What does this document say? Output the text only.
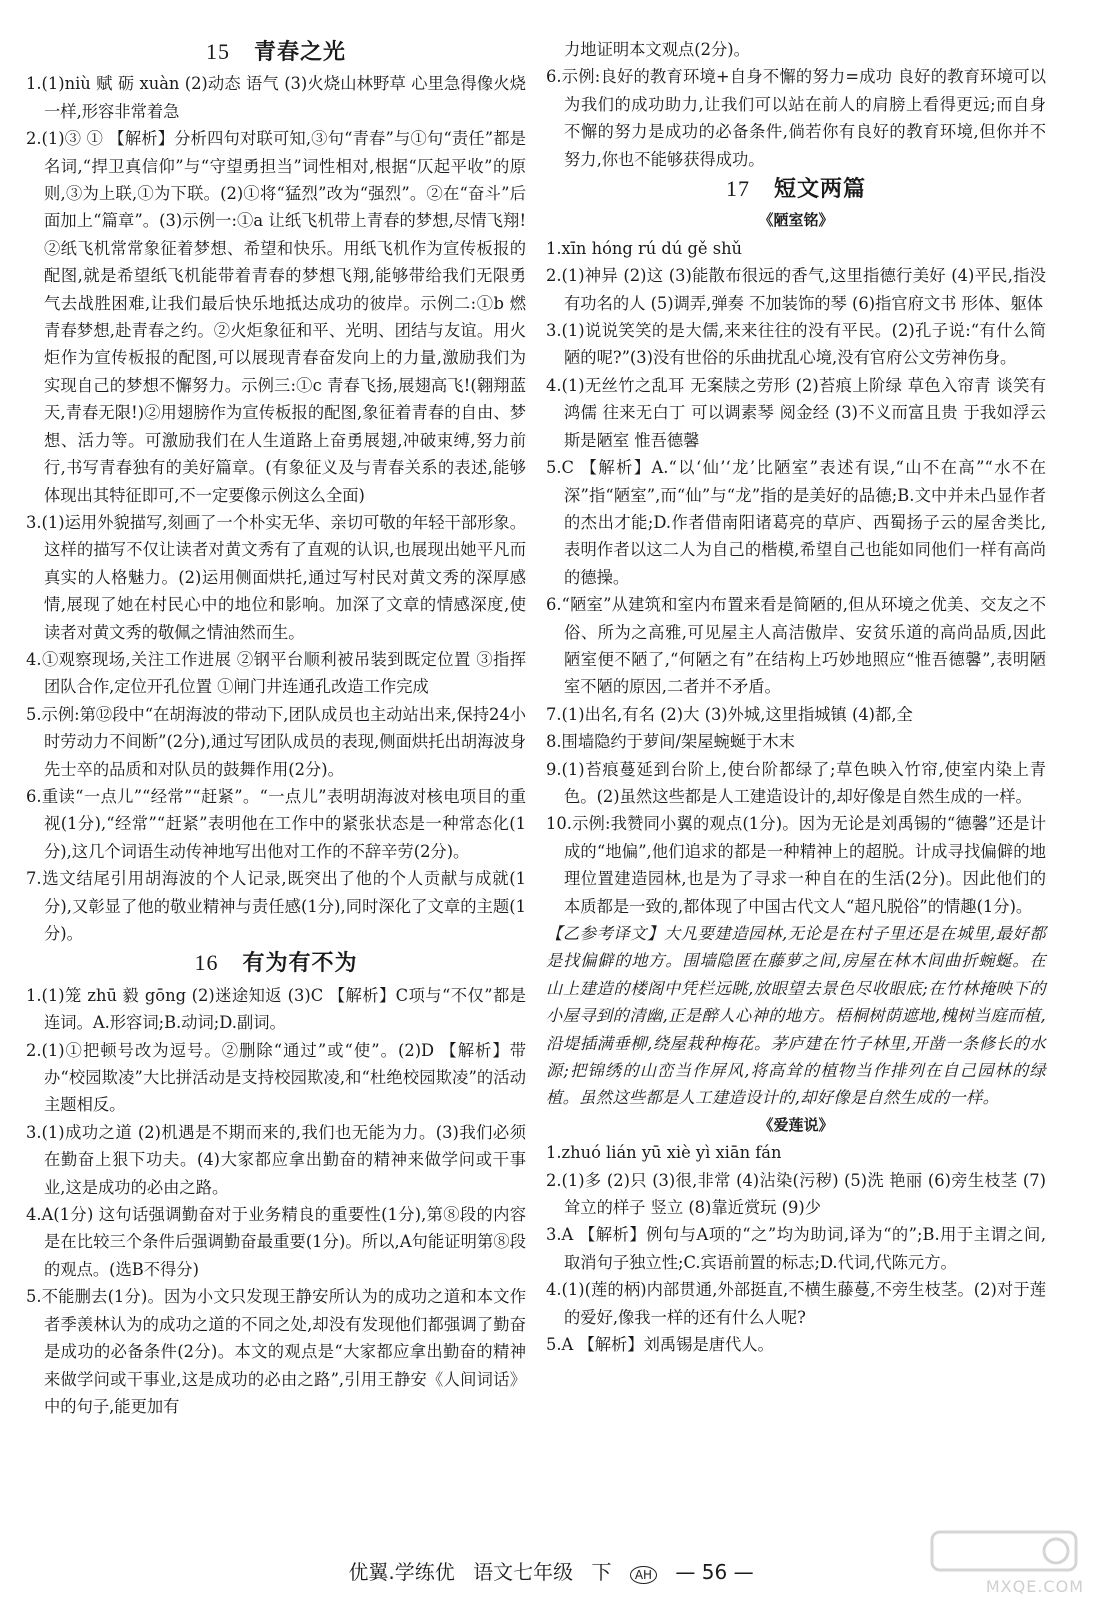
15 青春之光

1.(1)niù 赋 砺 xuàn (2)动态 语气 (3)火烧山林野草 心里急得像火烧一样,形容非常着急

2.(1)③ ① 【解析】分析四句对联可知,③句“青春”与①句“责任”都是名词,“捍卫真信仰”与“守望勇担当”词性相对,根据“仄起平收”的原则,③为上联,①为下联。(2)①将“猛烈”改为“强烈”。②在“奋斗”后面加上“篇章”。(3)示例一:①a 让纸飞机带上青春的梦想,尽情飞翔!②纸飞机常常象征着梦想、希望和快乐。用纸飞机作为宣传板报的配图,就是希望纸飞机能带着青春的梦想飞翔,能够带给我们无限勇气去战胜困难,让我们最后快乐地抵达成功的彼岸。示例二:①b 燃青春梦想,赴青春之约。②火炬象征和平、光明、团结与友谊。用火炬作为宣传板报的配图,可以展现青春奋发向上的力量,激励我们为实现自己的梦想不懈努力。示例三:①c 青春飞扬,展翅高飞!(翱翔蓝天,青春无限!)②用翅膀作为宣传板报的配图,象征着青春的自由、梦想、活力等。可激励我们在人生道路上奋勇展翅,冲破束缚,努力前行,书写青春独有的美好篇章。(有象征义及与青春关系的表述,能够体现出其特征即可,不一定要像示例这么全面)

3.(1)运用外貌描写,刻画了一个朴实无华、亲切可敬的年轻干部形象。这样的描写不仅让读者对黄文秀有了直观的认识,也展现出她平凡而真实的人格魅力。(2)运用侧面烘托,通过写村民对黄文秀的深厚感情,展现了她在村民心中的地位和影响。加深了文章的情感深度,使读者对黄文秀的敬佩之情油然而生。

4.①观察现场,关注工作进展 ②钢平台顺利被吊装到既定位置 ③指挥团队合作,定位开孔位置 ①闸门井连通孔改造工作完成

5.示例:第⑫段中“在胡海波的带动下,团队成员也主动站出来,保持24小时劳动力不间断”(2分),通过写团队成员的表现,侧面烘托出胡海波身先士卒的品质和对队员的鼓舞作用(2分)。

6.重读“一点儿”“经常”“赶紧”。“一点儿”表明胡海波对核电项目的重视(1分),“经常”“赶紧”表明他在工作中的紧张状态是一种常态化(1分),这几个词语生动传神地写出他对工作的不辞辛劳(2分)。

7.选文结尾引用胡海波的个人记录,既突出了他的个人贡献与成就(1分),又彰显了他的敬业精神与责任感(1分),同时深化了文章的主题(1分)。

16 有为有不为

1.(1)笼 zhū 毅 gōng (2)迷途知返 (3)C 【解析】C项与“不仅”都是连词。A.形容词;B.动词;D.副词。

2.(1)①把顿号改为逗号。②删除“通过”或“使”。(2)D 【解析】带办“校园欺凌”大比拼活动是支持校园欺凌,和“杜绝校园欺凌”的活动主题相反。

3.(1)成功之道 (2)机遇是不期而来的,我们也无能为力。(3)我们必须在勤奋上狠下功夫。(4)大家都应拿出勤奋的精神来做学问或干事业,这是成功的必由之路。

4.A(1分) 这句话强调勤奋对于业务精良的重要性(1分),第⑧段的内容是在比较三个条件后强调勤奋最重要(1分)。所以,A句能证明第⑧段的观点。(选B不得分)

5.不能删去(1分)。因为小文只发现王静安所认为的成功之道和本文作者季羡林认为的成功之道的不同之处,却没有发现他们都强调了勤奋是成功的必备条件(2分)。本文的观点是“大家都应拿出勤奋的精神来做学问或干事业,这是成功的必由之路”,引用王静安《人间词话》中的句子,能更加有

力地证明本文观点(2分)。

6.示例:良好的教育环境+自身不懈的努力=成功 良好的教育环境可以为我们的成功助力,让我们可以站在前人的肩膀上看得更远;而自身不懈的努力是成功的必备条件,倘若你有良好的教育环境,但你并不努力,你也不能够获得成功。

17 短文两篇
《陋室铭》

1.xīn hóng rú dú gě shǔ

2.(1)神异 (2)这 (3)能散布很远的香气,这里指德行美好 (4)平民,指没有功名的人 (5)调弄,弹奏 不加装饰的琴 (6)指官府文书 形体、躯体

3.(1)说说笑笑的是大儒,来来往往的没有平民。(2)孔子说:“有什么简陋的呢?”(3)没有世俗的乐曲扰乱心境,没有官府公文劳神伤身。

4.(1)无丝竹之乱耳 无案牍之劳形 (2)苔痕上阶绿 草色入帘青 谈笑有鸿儒 往来无白丁 可以调素琴 阅金经 (3)不义而富且贵 于我如浮云 斯是陋室 惟吾德馨

5.C 【解析】A.“以‘仙’‘龙’比陋室”表述有误,“山不在高”“水不在深”指“陋室”,而“仙”与“龙”指的是美好的品德;B.文中并未凸显作者的杰出才能;D.作者借南阳诸葛亮的草庐、西蜀扬子云的屋舍类比,表明作者以这二人为自己的楷模,希望自己也能如同他们一样有高尚的德操。

6.“陋室”从建筑和室内布置来看是简陋的,但从环境之优美、交友之不俗、所为之高雅,可见屋主人高洁傲岸、安贫乐道的高尚品质,因此陋室便不陋了,“何陋之有”在结构上巧妙地照应“惟吾德馨”,表明陋室不陋的原因,二者并不矛盾。

7.(1)出名,有名 (2)大 (3)外城,这里指城镇 (4)都,全

8.围墙隐约于萝间/架屋蜿蜒于木末

9.(1)苔痕蔓延到台阶上,使台阶都绿了;草色映入竹帘,使室内染上青色。(2)虽然这些都是人工建造设计的,却好像是自然生成的一样。

10.示例:我赞同小翼的观点(1分)。因为无论是刘禹锡的“德馨”还是计成的“地偏”,他们追求的都是一种精神上的超脱。计成寻找偏僻的地理位置建造园林,也是为了寻求一种自在的生活(2分)。因此他们的本质都是一致的,都体现了中国古代文人“超凡脱俗”的情趣(1分)。

【乙参考译文】大凡要建造园林,无论是在村子里还是在城里,最好都是找偏僻的地方。围墙隐匿在藤萝之间,房屋在林木间曲折蜿蜒。在山上建造的楼阁中凭栏远眺,放眼望去景色尽收眼底;在竹林掩映下的小屋寻到的清幽,正是醉人心神的地方。梧桐树荫遮地,槐树当庭而植,沿堤插满垂柳,绕屋栽种梅花。茅庐建在竹子林里,开凿一条修长的水源;把锦绣的山峦当作屏风,将高耸的植物当作排列在自己园林的绿植。虽然这些都是人工建造设计的,却好像是自然生成的一样。

《爱莲说》

1.zhuó lián yū xiè yì xiān fán

2.(1)多 (2)只 (3)很,非常 (4)沾染(污秽) (5)洗 艳丽 (6)旁生枝茎 (7)耸立的样子 竖立 (8)靠近赏玩 (9)少

3.A 【解析】例句与A项的“之”均为助词,译为“的”;B.用于主谓之间,取消句子独立性;C.宾语前置的标志;D.代词,代陈元方。

4.(1)(莲的柄)内部贯通,外部挺直,不横生藤蔓,不旁生枝茎。(2)对于莲的爱好,像我一样的还有什么人呢?

5.A 【解析】刘禹锡是唐代人。

优翼.学练优 语文七年级 下 AH — 56 —
MXQE.COM
